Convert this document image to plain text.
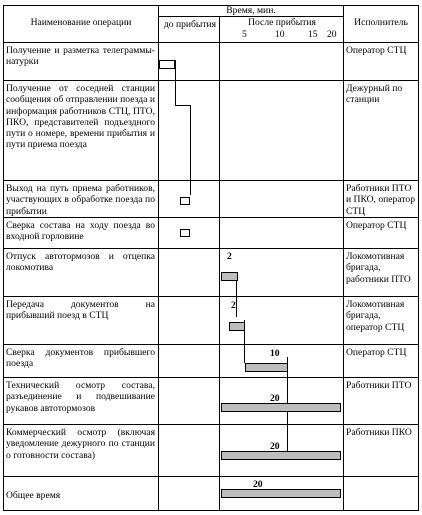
Наименование операции
Время, мин.
до прибытия	После прибытия
5	10 15 20
Исполнитель
Получение и разметка телеграммы-натурки
Оператор СТЦ
Получение от соседней станции сообщения об отправлении поезда и информация работников СТЦ, ПТО, ПКО, представителей подъездного пути о номере, времени прибытия и пути приема поезда
Дежурный по станции
Выход на путь приема работников, участвующих в обработке поезда по прибытии
Работники ПТО и ПКО, оператор СТЦ
Сверка состава на ходу поезда во входной горловине
Оператор СТЦ
Отпуск автотормозов и отцепка локомотива
Локомотивная бригада, работники ПТО
Передача документов на прибывший поезд в СТЦ
Локомотивная бригада, оператор СТЦ
Сверка документов прибывшего поезда
Оператор СТЦ
Технический осмотр состава, разъединение и подвешивание рукавов автотормозов
Работники ПТО
Коммерческий осмотр (включая уведомление дежурного по станции о готовности состава)
Работники ПКО
Общее время
2
2
10
20
20
20
